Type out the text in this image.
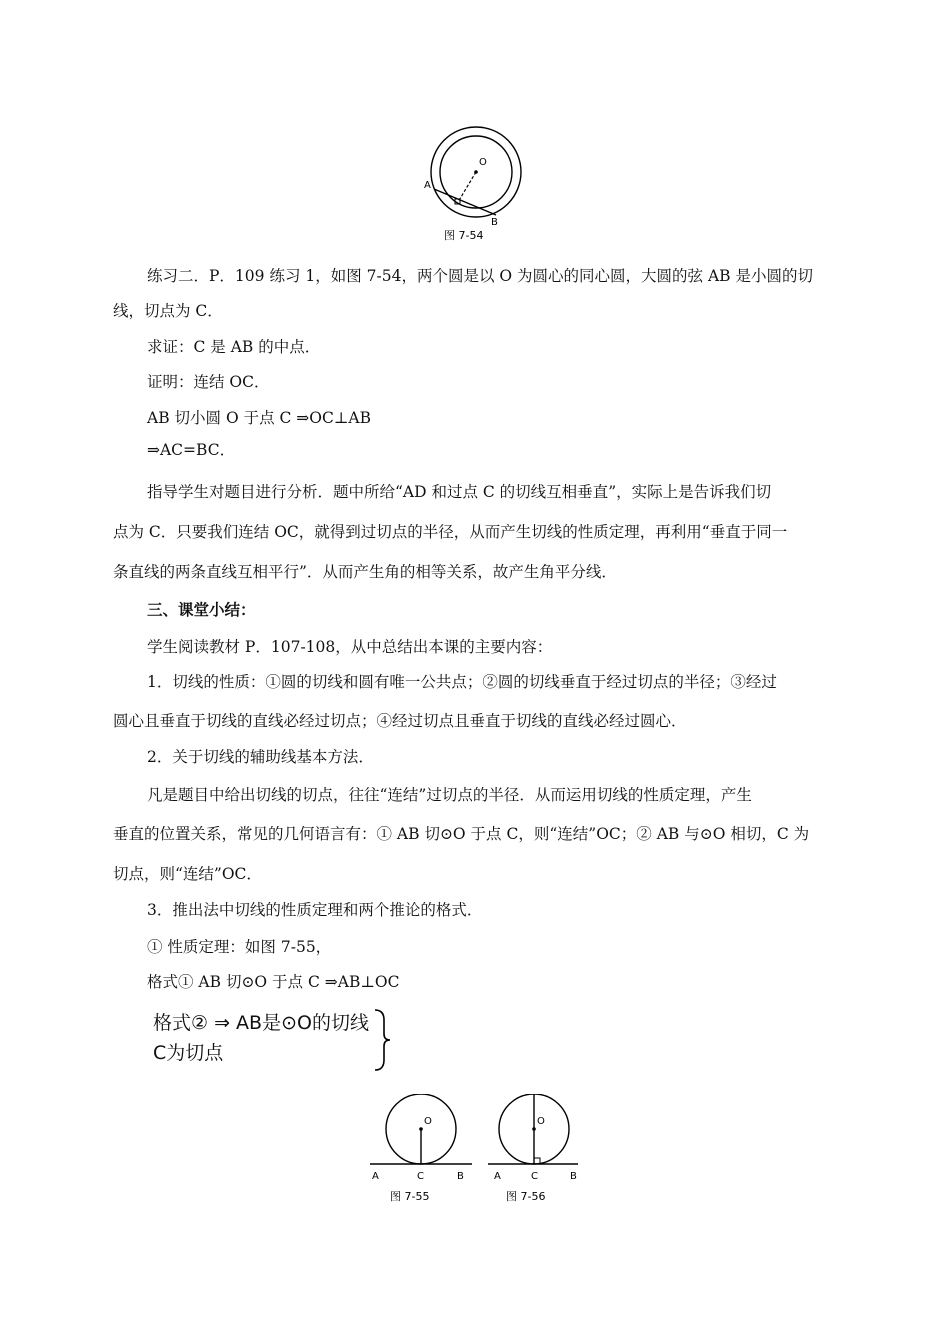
O
A
B
图 7-54
练习二．P．109 练习 1，如图 7-54，两个圆是以 O 为圆心的同心圆，大圆的弦 AB 是小圆的切
线，切点为 C．
求证：C 是 AB 的中点．
证明：连结 OC．
AB 切小圆 O 于点 C ⇒OC⊥AB
⇒AC=BC．
指导学生对题目进行分析．题中所给“AD 和过点 C 的切线互相垂直”，实际上是告诉我们切
点为 C．只要我们连结 OC，就得到过切点的半径，从而产生切线的性质定理，再利用“垂直于同一
条直线的两条直线互相平行”．从而产生角的相等关系，故产生角平分线．
三、课堂小结：
学生阅读教材 P．107-108，从中总结出本课的主要内容：
1．切线的性质：①圆的切线和圆有唯一公共点；②圆的切线垂直于经过切点的半径；③经过
圆心且垂直于切线的直线必经过切点；④经过切点且垂直于切线的直线必经过圆心．
2．关于切线的辅助线基本方法．
凡是题目中给出切线的切点，往往“连结”过切点的半径．从而运用切线的性质定理，产生
垂直的位置关系，常见的几何语言有：① AB 切⊙O 于点 C，则“连结”OC；② AB 与⊙O 相切，C 为
切点，则“连结”OC．
3．推出法中切线的性质定理和两个推论的格式．
① 性质定理：如图 7-55，
格式① AB 切⊙O 于点 C ⇒AB⊥OC
格式② ⇒ AB是⊙O的切线
C为切点
O
A	C	B
图 7-55
O
A	C	B
图 7-56
